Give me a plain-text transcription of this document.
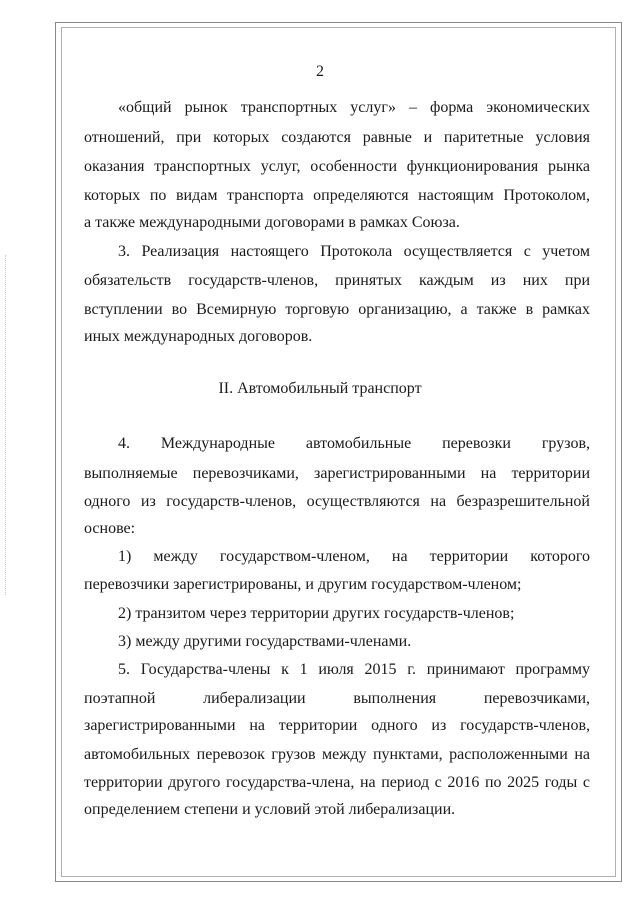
2
«общий рынок транспортных услуг» – форма экономических
отношений, при которых создаются равные и паритетные условия
оказания транспортных услуг, особенности функционирования рынка
которых по видам транспорта определяются настоящим Протоколом,
а также международными договорами в рамках Союза.
3. Реализация настоящего Протокола осуществляется с учетом
обязательств государств-членов, принятых каждым из них при
вступлении во Всемирную торговую организацию, а также в рамках
иных международных договоров.
II. Автомобильный транспорт
4. Международные автомобильные перевозки грузов,
выполняемые перевозчиками, зарегистрированными на территории
одного из государств-членов, осуществляются на безразрешительной
основе:
1) между государством-членом, на территории которого
перевозчики зарегистрированы, и другим государством-членом;
2) транзитом через территории других государств-членов;
3) между другими государствами-членами.
5. Государства-члены к 1 июля 2015 г. принимают программу
поэтапной либерализации выполнения перевозчиками,
зарегистрированными на территории одного из государств-членов,
автомобильных перевозок грузов между пунктами, расположенными на
территории другого государства-члена, на период с 2016 по 2025 годы с
определением степени и условий этой либерализации.
